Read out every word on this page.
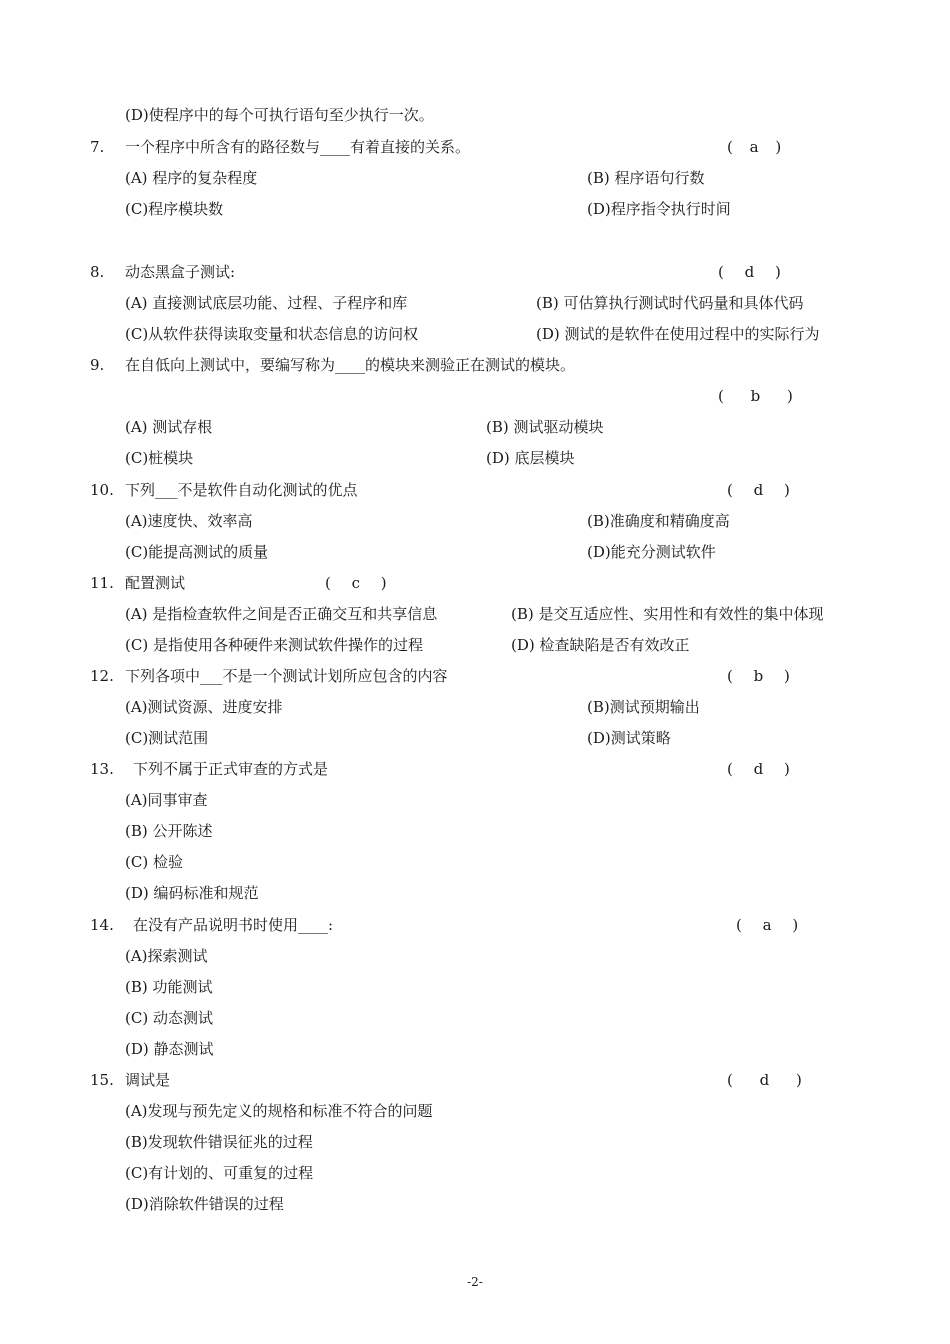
(D)使程序中的每个可执行语句至少执行一次。
7. 一个程序中所含有的路径数与____有着直接的关系。	( a )
(A) 程序的复杂程度	(B) 程序语句行数
(C)程序模块数	(D)程序指令执行时间
8. 动态黑盒子测试:	( d )
(A) 直接测试底层功能、过程、子程序和库	(B) 可估算执行测试时代码量和具体代码
(C)从软件获得读取变量和状态信息的访问权	(D) 测试的是软件在使用过程中的实际行为
9. 在自低向上测试中，要编写称为____的模块来测验正在测试的模块。
( b )
(A) 测试存根	(B) 测试驱动模块
(C)桩模块	(D) 底层模块
10. 下列___不是软件自动化测试的优点	( d )
(A)速度快、效率高	(B)准确度和精确度高
(C)能提高测试的质量	(D)能充分测试软件
11. 配置测试	( c )
(A) 是指检查软件之间是否正确交互和共享信息	(B) 是交互适应性、实用性和有效性的集中体现
(C) 是指使用各种硬件来测试软件操作的过程	(D) 检查缺陷是否有效改正
12. 下列各项中___不是一个测试计划所应包含的内容	( b )
(A)测试资源、进度安排	(B)测试预期输出
(C)测试范围	(D)测试策略
13. 下列不属于正式审查的方式是	( d )
(A)同事审查
(B) 公开陈述
(C) 检验
(D) 编码标准和规范
14. 在没有产品说明书时使用____:	( a )
(A)探索测试
(B) 功能测试
(C) 动态测试
(D) 静态测试
15. 调试是	( d )
(A)发现与预先定义的规格和标准不符合的问题
(B)发现软件错误征兆的过程
(C)有计划的、可重复的过程
(D)消除软件错误的过程
-2-
